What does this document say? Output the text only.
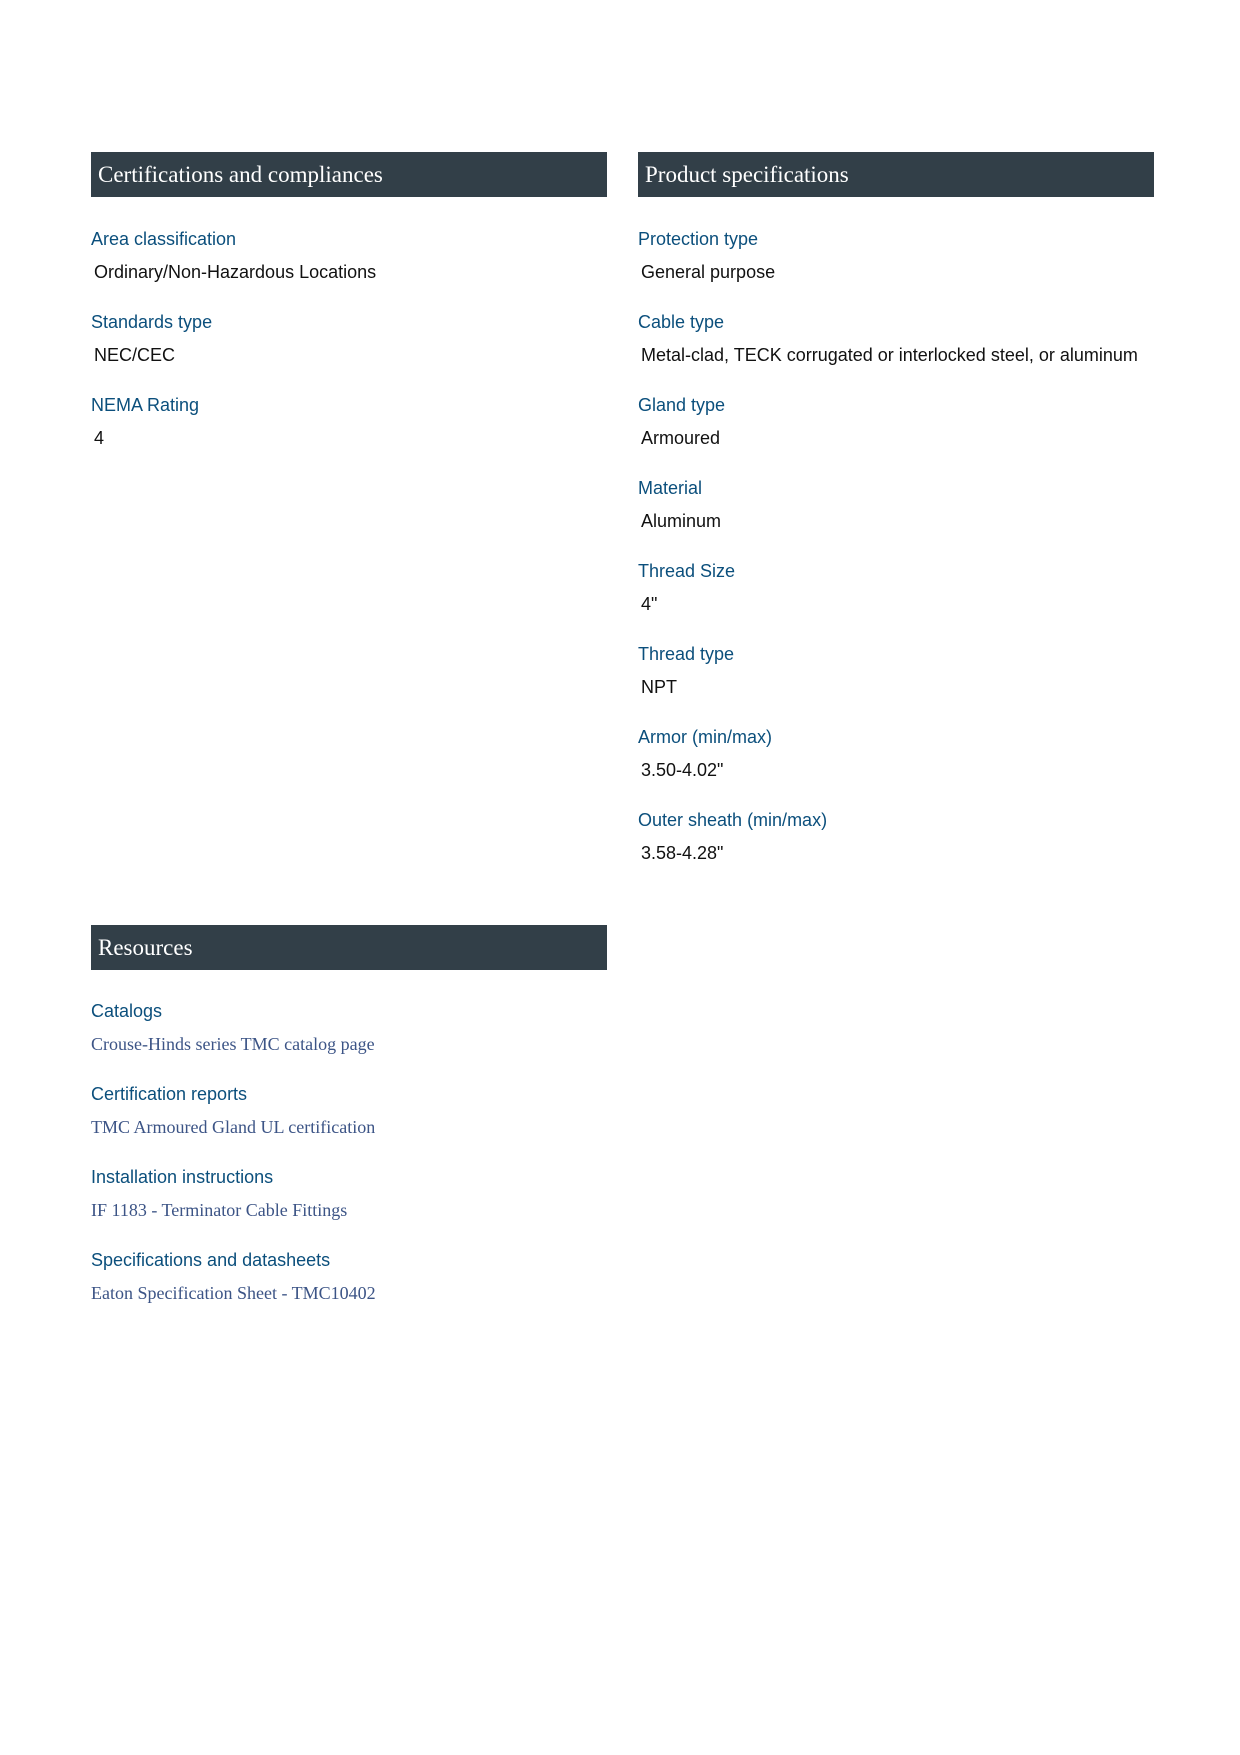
Certifications and compliances
Area classification
Ordinary/Non-Hazardous Locations
Standards type
NEC/CEC
NEMA Rating
4
Product specifications
Protection type
General purpose
Cable type
Metal-clad, TECK corrugated or interlocked steel, or aluminum
Gland type
Armoured
Material
Aluminum
Thread Size
4"
Thread type
NPT
Armor (min/max)
3.50-4.02"
Outer sheath (min/max)
3.58-4.28"
Resources
Catalogs
Crouse-Hinds series TMC catalog page
Certification reports
TMC Armoured Gland UL certification
Installation instructions
IF 1183 - Terminator Cable Fittings
Specifications and datasheets
Eaton Specification Sheet - TMC10402
